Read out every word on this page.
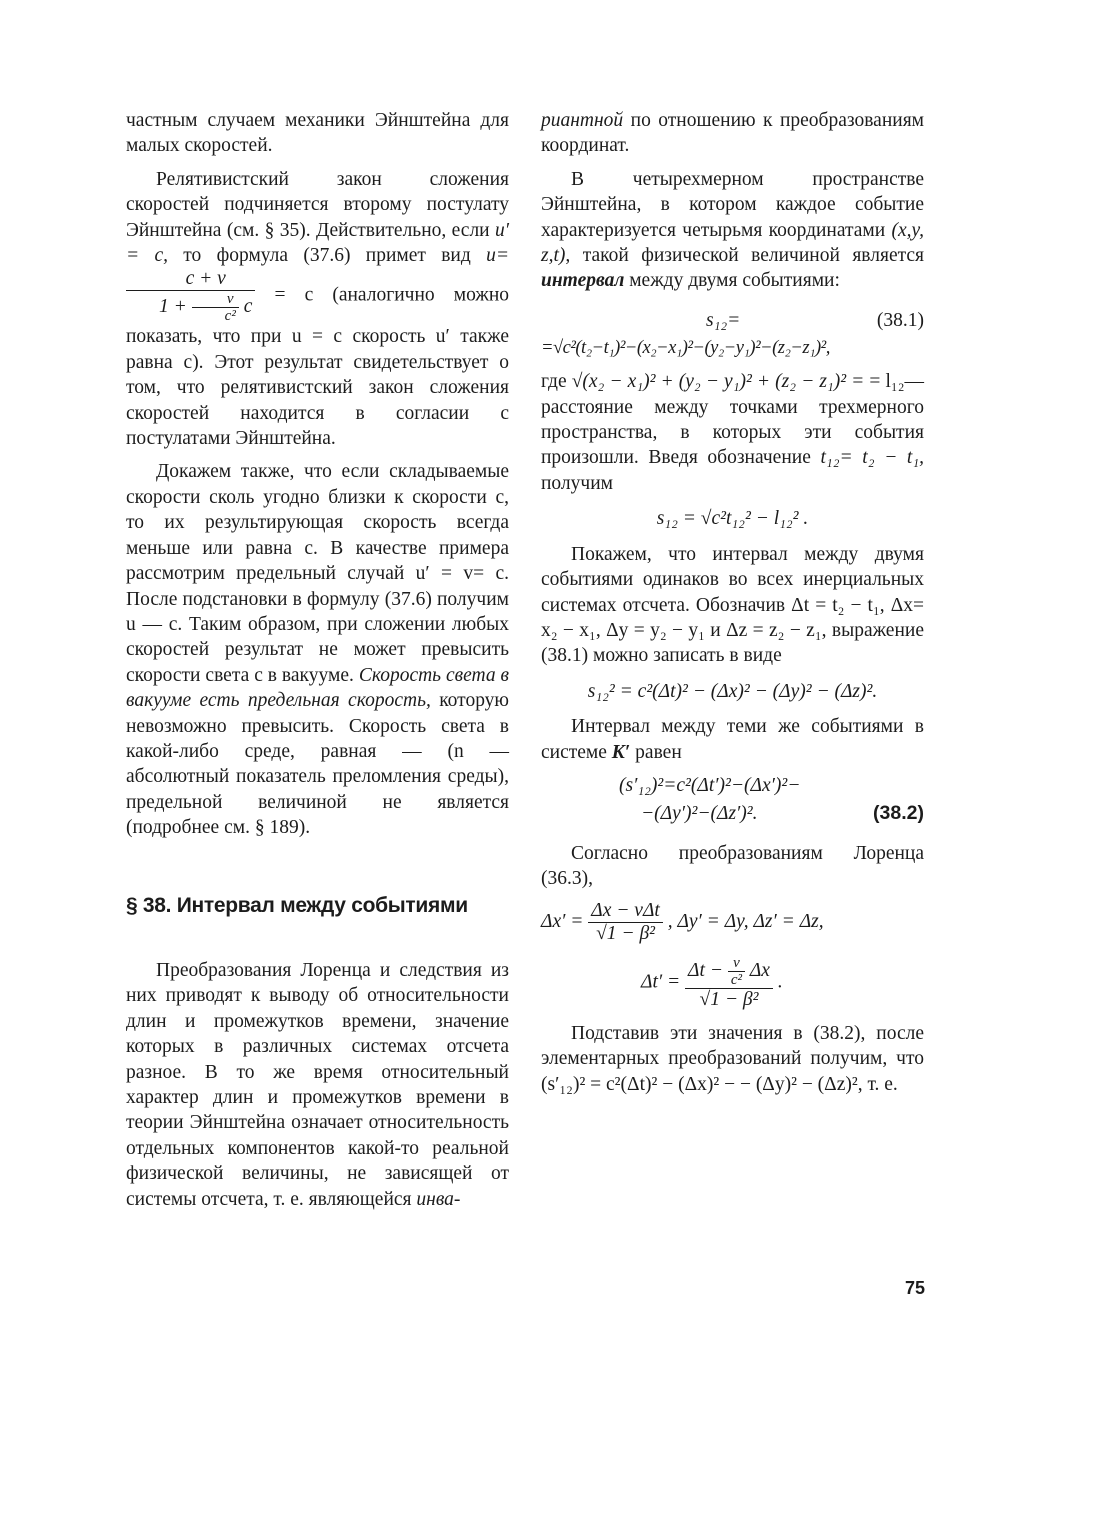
частным случаем механики Эйнштейна для малых скоростей.

Релятивистский закон сложения скоростей подчиняется второму постулату Эйнштейна (см. § 35). Действительно, если u′ = c, то формула (37.6) примет вид u=
$\frac{c + v}{1 + \frac{v}{\text{c²}} c} = c$ (аналогично можно показать, что при u = c скорость u′ также равна c). Этот результат свидетельствует о том, что релятивистский закон сложения скоростей находится в согласии с постулатами Эйнштейна.

Докажем также, что если складываемые скорости сколь угодно близки к скорости c, то их результирующая скорость всегда меньше или равна c. В качестве примера рассмотрим предельный случай u′ = v= c. После подстановки в формулу (37.6) получим u — c. Таким образом, при сложении любых скоростей результат не может превысить скорости света c в вакууме. Скорость света в вакууме есть предельная скорость, которую невозможно превысить. Скорость света в какой-либо среде, равная — (n — абсолютный показатель преломления среды), предельной величиной не является (подробнее см. § 189).

§ 38. Интервал между событиями

Преобразования Лоренца и следствия из них приводят к выводу об относительности длин и промежутков времени, значение которых в различных системах отсчета разное. В то же время относительный характер длин и промежутков времени в теории Эйнштейна означает относительность отдельных компонентов какой-то реальной физической величины, не зависящей от системы отсчета, т. е. являющейся инва-

риантной по отношению к преобразованиям координат.

В четырехмерном пространстве Эйнштейна, в котором каждое событие характеризуется четырьмя координатами (x,y, z,t), такой физической величиной является интервал между двумя событиями:

s₁₂=	(38.1)
=√c²(t₂−t₁)²−(x₂−x₁)²−(y₂−y₁)²−(z₂−z₁)²,

где √(x₂ − x₁)² + (y₂ − y₁)² + (z₂ − z₁)² = = l₁₂— расстояние между точками трехмерного пространства, в которых эти события произошли. Введя обозначение t₁₂= t₂ − t₁, получим

s₁₂ = √c²t₁₂² − l₁₂² .

Покажем, что интервал между двумя событиями одинаков во всех инерциальных системах отсчета. Обозначив Δt = t₂ − t₁, Δx= x₂ − x₁, Δy = y₂ − y₁ и Δz = z₂ − z₁, выражение (38.1) можно записать в виде

s₁₂² = c²(Δt)² − (Δx)² − (Δy)² − (Δz)².

Интервал между теми же событиями в системе K′ равен

(s′₁₂)²=c²(Δt′)²−(Δx′)²−
−(Δy′)²−(Δz′)².	(38.2)

Согласно преобразованиям Лоренца (36.3),

$\Delta x' = \frac{\text{Δx − vΔt}}{\text{√1 − β²}}$ , Δy′ = Δy, Δz′ = Δz,
$\Delta t' = \frac{\Delta t - \frac{v}{\text{c²}} \Delta x}{\text{√1 − β²}}$ .

Подставив эти значения в (38.2), после элементарных преобразований получим, что (s′₁₂)² = c²(Δt)² − (Δx)² − − (Δy)² − (Δz)², т. е.

75
